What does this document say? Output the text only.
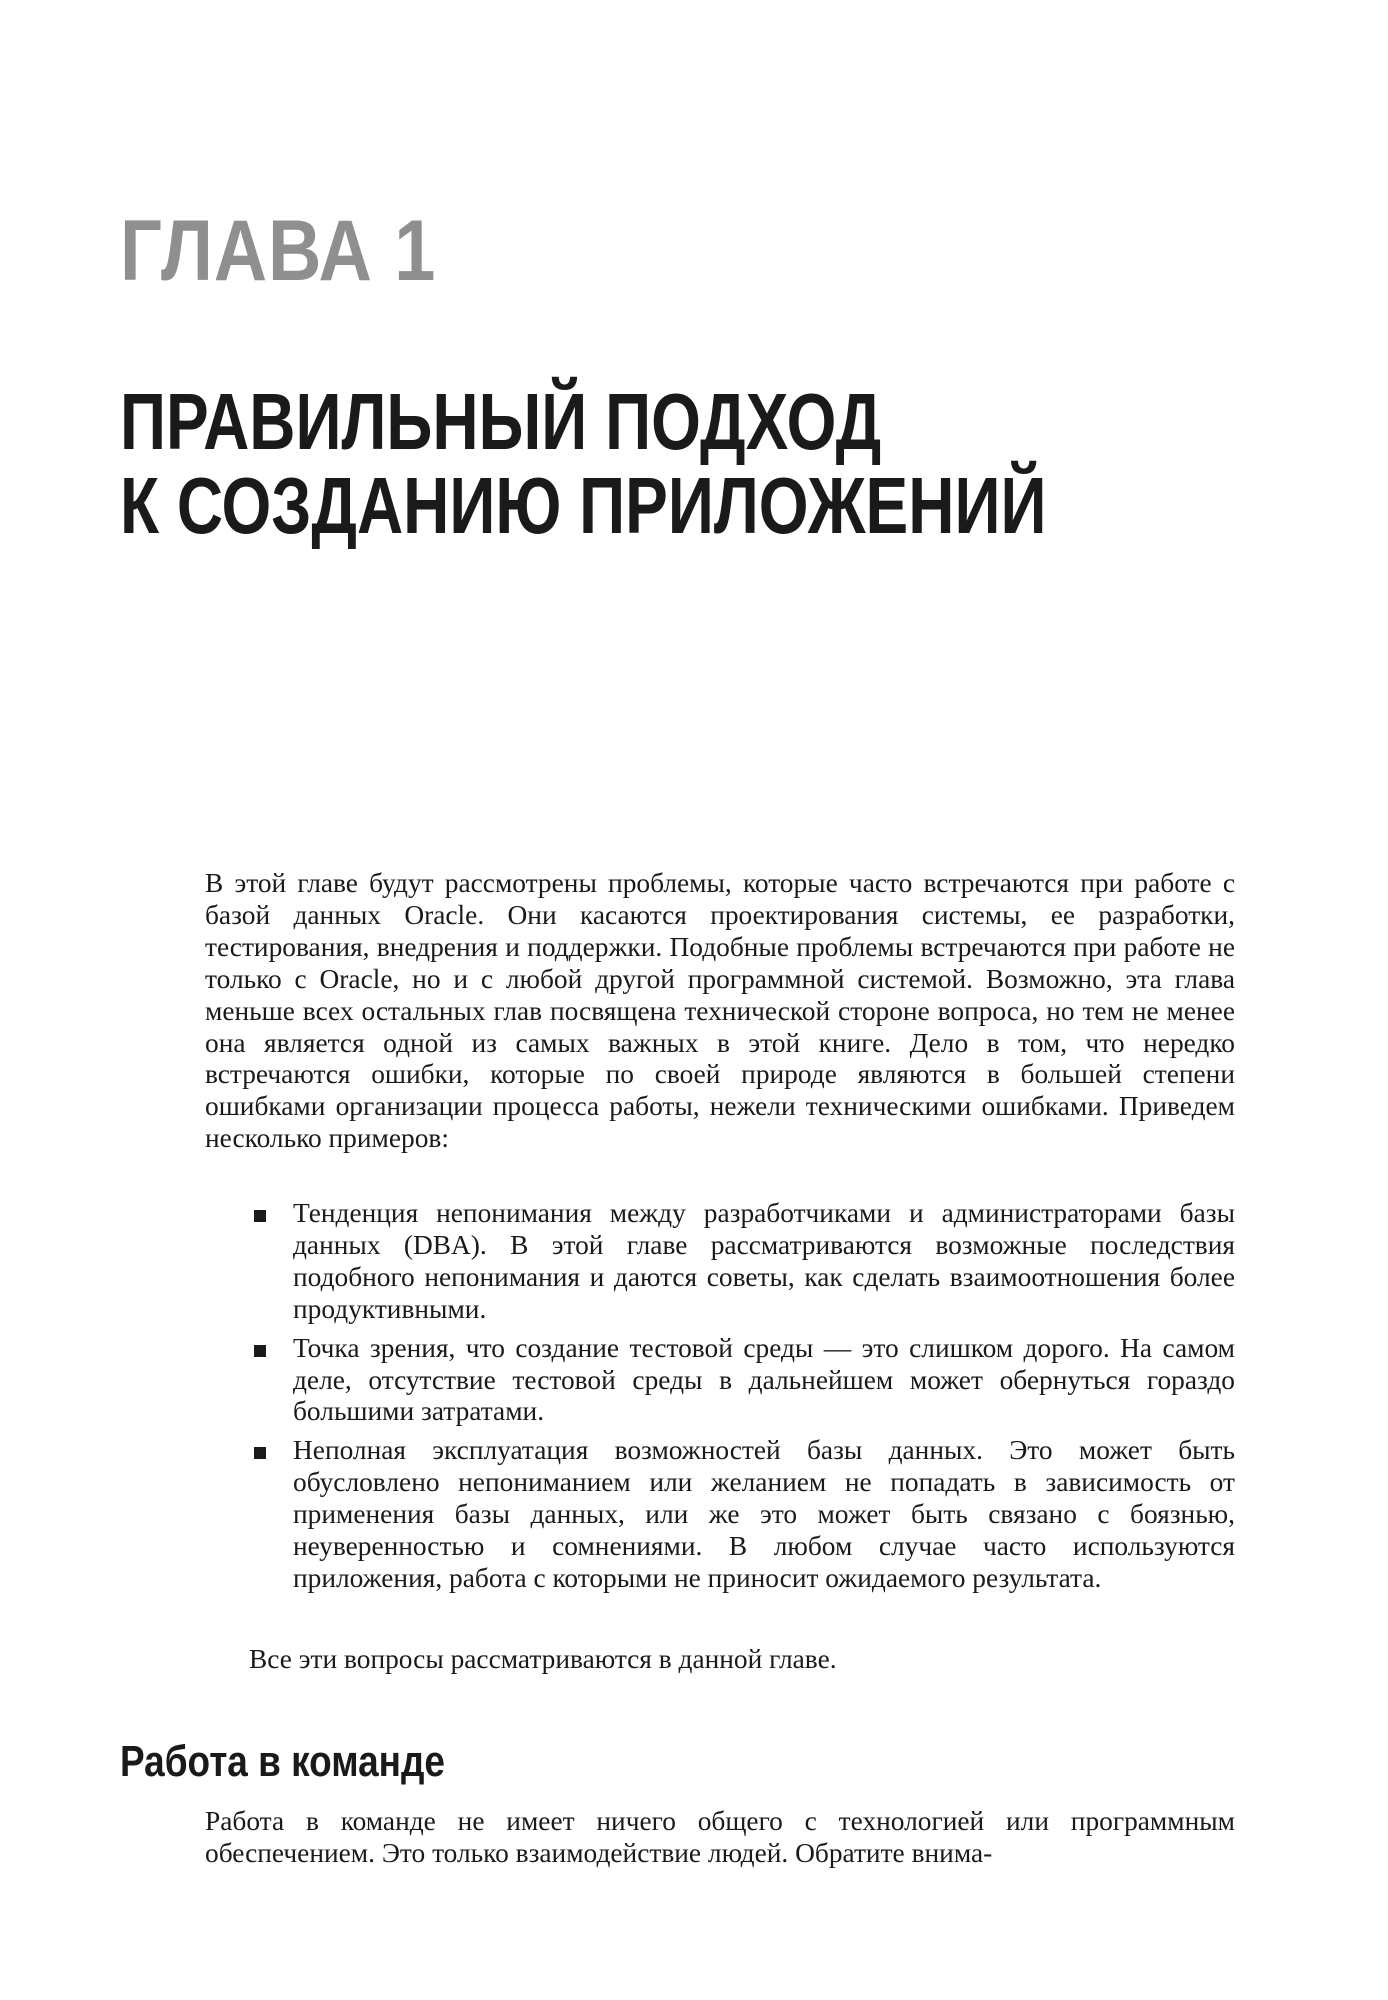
ГЛАВА 1
ПРАВИЛЬНЫЙ ПОДХОД
К СОЗДАНИЮ ПРИЛОЖЕНИЙ

В этой главе будут рассмотрены проблемы, которые часто встречаются при работе с базой данных Oracle. Они касаются проектирования системы, ее разработки, тестирования, внедрения и поддержки. Подобные проблемы встречаются при работе не только с Oracle, но и с любой другой программной системой. Возможно, эта глава меньше всех остальных глав посвящена технической стороне вопроса, но тем не менее она является одной из самых важных в этой книге. Дело в том, что нередко встречаются ошибки, которые по своей природе являются в большей степени ошибками организации процесса работы, нежели техническими ошибками. Приведем несколько примеров:

Тенденция непонимания между разработчиками и администраторами базы данных (DBA). В этой главе рассматриваются возможные последствия подобного непонимания и даются советы, как сделать взаимоотношения более продуктивными.
Точка зрения, что создание тестовой среды — это слишком дорого. На самом деле, отсутствие тестовой среды в дальнейшем может обернуться гораздо большими затратами.
Неполная эксплуатация возможностей базы данных. Это может быть обусловлено непониманием или желанием не попадать в зависимость от применения базы данных, или же это может быть связано с боязнью, неуверенностью и сомнениями. В любом случае часто используются приложения, работа с которыми не приносит ожидаемого результата.

Все эти вопросы рассматриваются в данной главе.

Работа в команде

Работа в команде не имеет ничего общего с технологией или программным обеспечением. Это только взаимодействие людей. Обратите внима-
